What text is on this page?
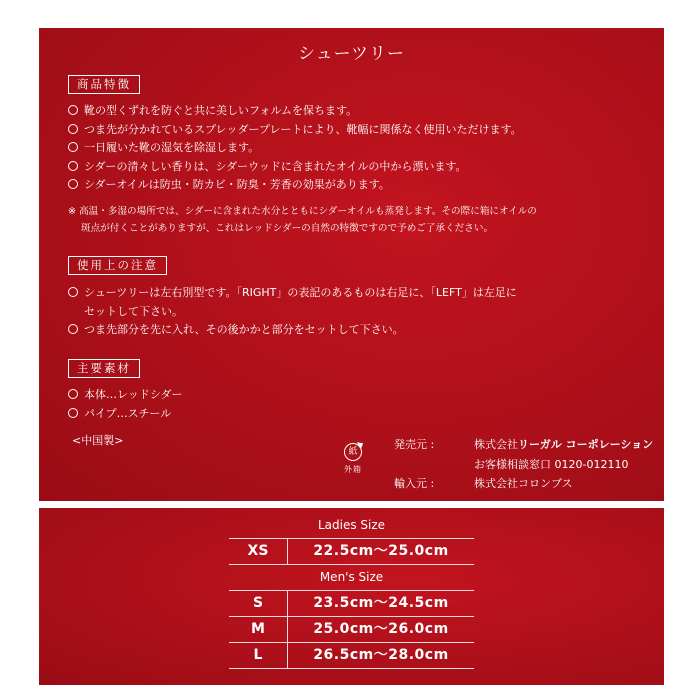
シューツリー
商品特徴
靴の型くずれを防ぐと共に美しいフォルムを保ちます。
つま先が分かれているスプレッダープレートにより、靴幅に関係なく使用いただけます。
一日履いた靴の湿気を除湿します。
シダーの清々しい香りは、シダーウッドに含まれたオイルの中から漂います。
シダーオイルは防虫・防カビ・防臭・芳香の効果があります。
※ 高温・多湿の場所では、シダーに含まれた水分とともにシダーオイルも蒸発します。その際に箱にオイルの
斑点が付くことがありますが、これはレッドシダーの自然の特徴ですので予めご了承ください。
使用上の注意
シューツリーは左右別型です。「RIGHT」の表記のあるものは右足に、「LEFT」は左足に
セットして下さい。
つま先部分を先に入れ、その後かかと部分をセットして下さい。
主要素材
本体…レッドシダー
パイプ…スチール
<中国製>
紙
外箱
発売元 :	株式会社 リーガル コーポレーション
お客様相談窓口 0120-012110
輸入元 :	株式会社コロンブス
Ladies Size
XS	22.5cm～25.0cm
Men's Size
S	23.5cm～24.5cm
M	25.0cm～26.0cm
L	26.5cm～28.0cm
